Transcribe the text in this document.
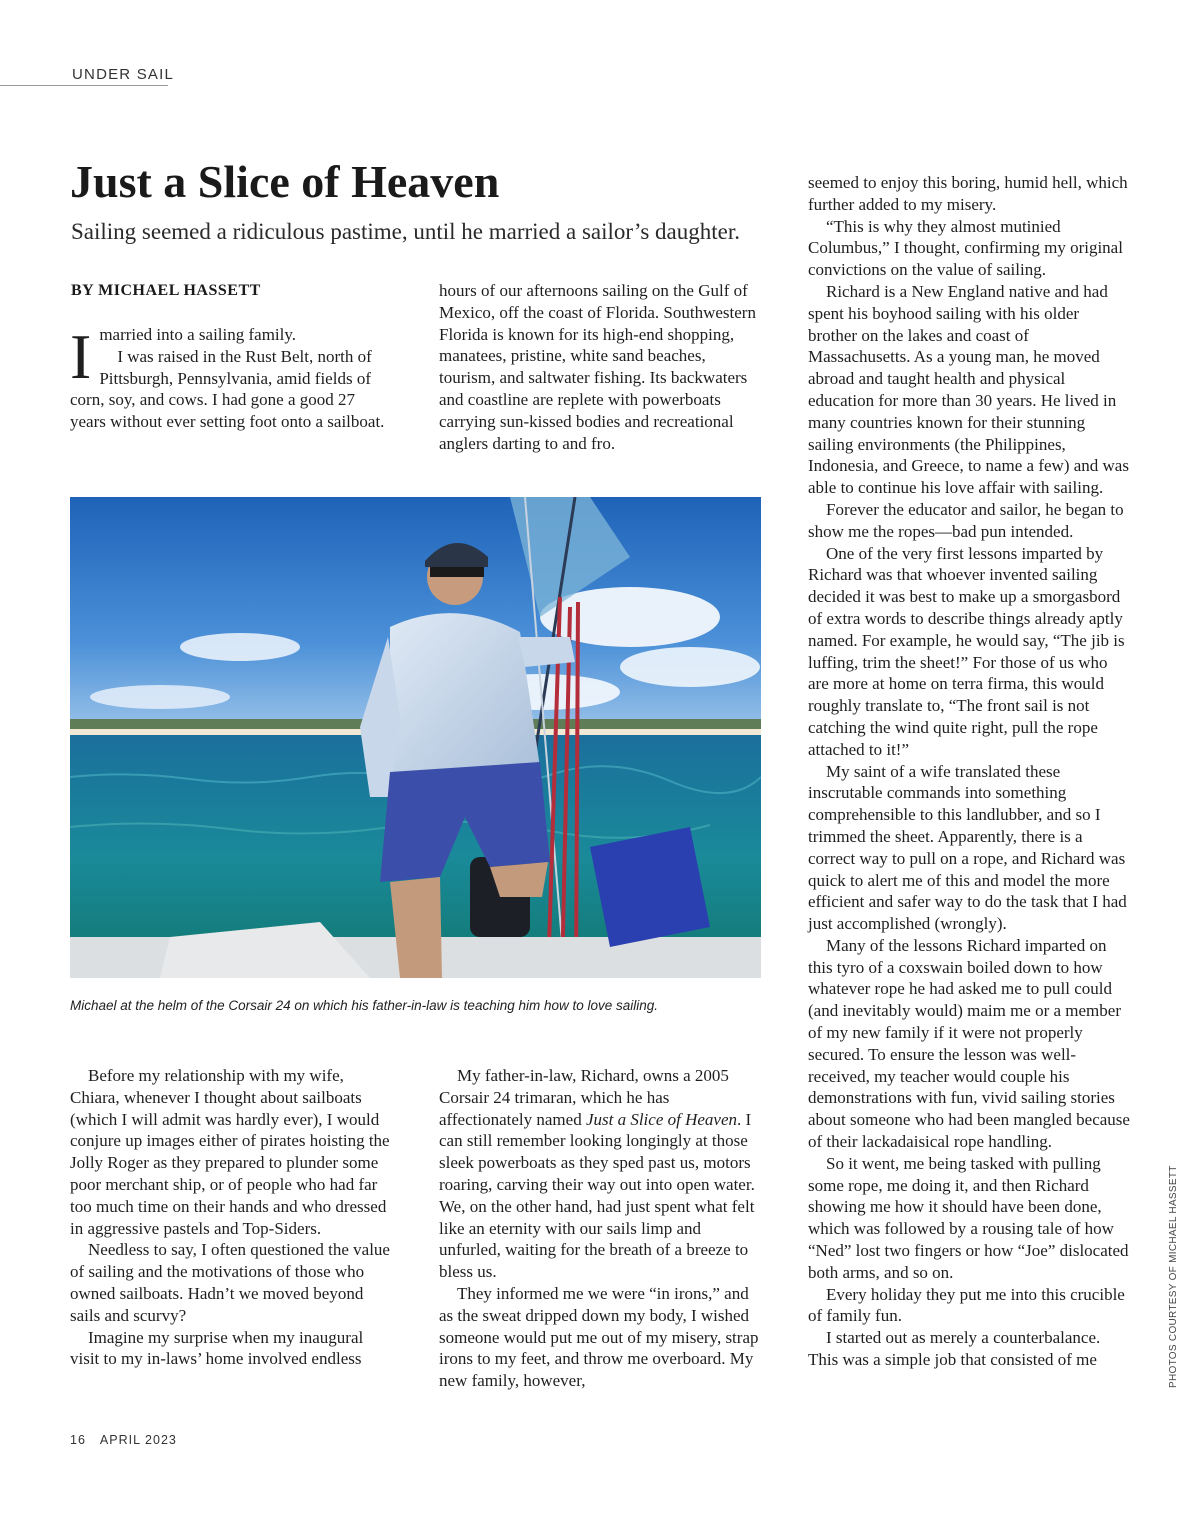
UNDER SAIL
Just a Slice of Heaven

Sailing seemed a ridiculous pastime, until he married a sailor’s daughter.

BY MICHAEL HASSETT

I married into a sailing family.

I was raised in the Rust Belt, north of Pittsburgh, Pennsylvania, amid fields of corn, soy, and cows. I had gone a good 27 years without ever setting foot onto a sailboat.

hours of our afternoons sailing on the Gulf of Mexico, off the coast of Florida. Southwestern Florida is known for its high-end shopping, manatees, pristine, white sand beaches, tourism, and saltwater fishing. Its backwaters and coastline are replete with powerboats carrying sun-kissed bodies and recreational anglers darting to and fro.

Michael at the helm of the Corsair 24 on which his father-in-law is teaching him how to love sailing.

PHOTOS COURTESY OF MICHAEL HASSETT

Before my relationship with my wife, Chiara, whenever I thought about sailboats (which I will admit was hardly ever), I would conjure up images either of pirates hoisting the Jolly Roger as they prepared to plunder some poor merchant ship, or of people who had far too much time on their hands and who dressed in aggressive pastels and Top-Siders.

Needless to say, I often questioned the value of sailing and the motivations of those who owned sailboats. Hadn’t we moved beyond sails and scurvy?

Imagine my surprise when my inaugural visit to my in-laws’ home involved endless

My father-in-law, Richard, owns a 2005 Corsair 24 trimaran, which he has affectionately named Just a Slice of Heaven. I can still remember looking longingly at those sleek powerboats as they sped past us, motors roaring, carving their way out into open water. We, on the other hand, had just spent what felt like an eternity with our sails limp and unfurled, waiting for the breath of a breeze to bless us.

They informed me we were “in irons,” and as the sweat dripped down my body, I wished someone would put me out of my misery, strap irons to my feet, and throw me overboard. My new family, however,

seemed to enjoy this boring, humid hell, which further added to my misery.

“This is why they almost mutinied Columbus,” I thought, confirming my original convictions on the value of sailing.

Richard is a New England native and had spent his boyhood sailing with his older brother on the lakes and coast of Massachusetts. As a young man, he moved abroad and taught health and physical education for more than 30 years. He lived in many countries known for their stunning sailing environments (the Philippines, Indonesia, and Greece, to name a few) and was able to continue his love affair with sailing.

Forever the educator and sailor, he began to show me the ropes—bad pun intended.

One of the very first lessons imparted by Richard was that whoever invented sailing decided it was best to make up a smorgasbord of extra words to describe things already aptly named. For example, he would say, “The jib is luffing, trim the sheet!” For those of us who are more at home on terra firma, this would roughly translate to, “The front sail is not catching the wind quite right, pull the rope attached to it!”

My saint of a wife translated these inscrutable commands into something comprehensible to this landlubber, and so I trimmed the sheet. Apparently, there is a correct way to pull on a rope, and Richard was quick to alert me of this and model the more efficient and safer way to do the task that I had just accomplished (wrongly).

Many of the lessons Richard imparted on this tyro of a coxswain boiled down to how whatever rope he had asked me to pull could (and inevitably would) maim me or a member of my new family if it were not properly secured. To ensure the lesson was well-received, my teacher would couple his demonstrations with fun, vivid sailing stories about someone who had been mangled because of their lackadaisical rope handling.

So it went, me being tasked with pulling some rope, me doing it, and then Richard showing me how it should have been done, which was followed by a rousing tale of how “Ned” lost two fingers or how “Joe” dislocated both arms, and so on.

Every holiday they put me into this crucible of family fun.

I started out as merely a counterbalance. This was a simple job that consisted of me

16 APRIL 2023
